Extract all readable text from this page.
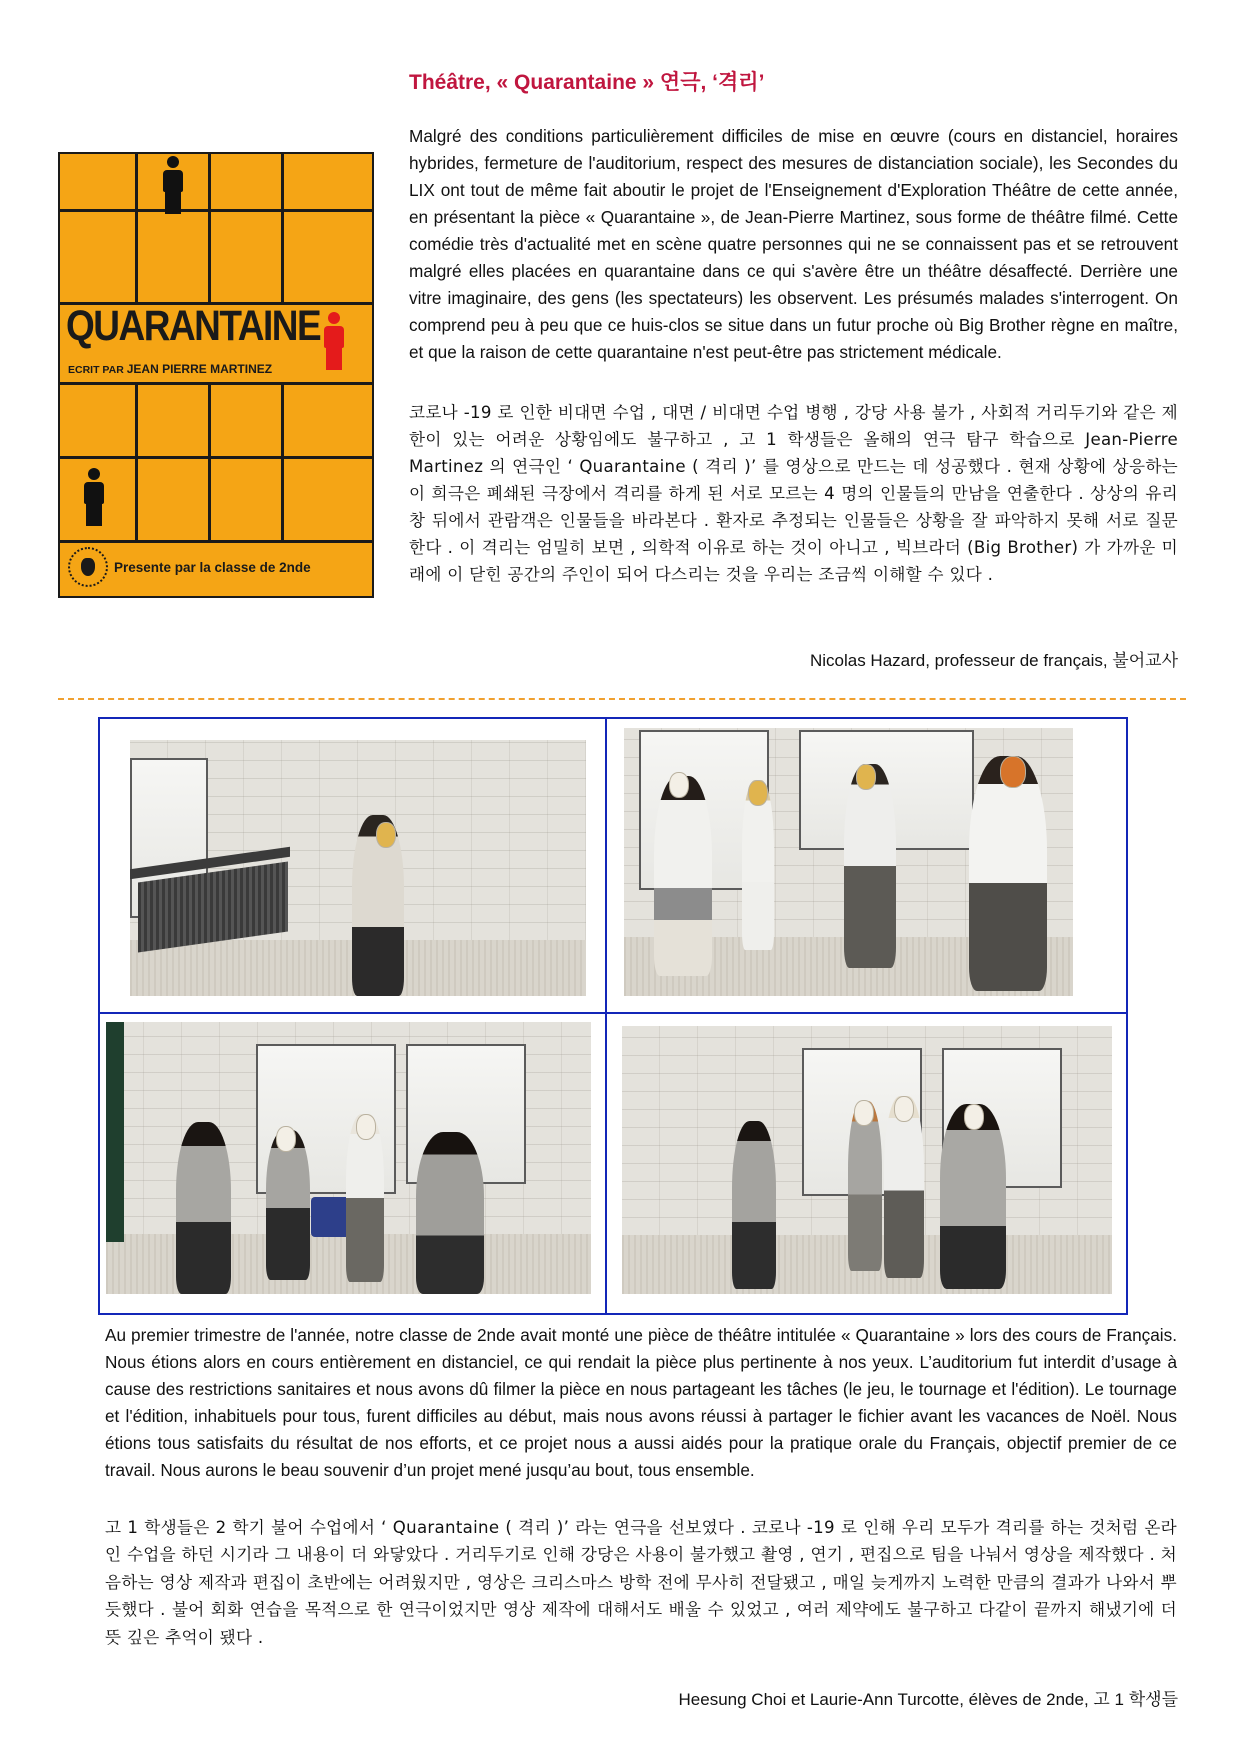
Théâtre, « Quarantaine » 연극, ‘격리’

Malgré des conditions particulièrement difficiles de mise en œuvre (cours en distanciel, horaires hybrides, fermeture de l'auditorium, respect des mesures de distanciation sociale), les Secondes du LIX ont tout de même fait aboutir le projet de l'Enseignement d'Exploration Théâtre de cette année, en présentant la pièce « Quarantaine », de Jean-Pierre Martinez, sous forme de théâtre filmé. Cette comédie très d'actualité met en scène quatre personnes qui ne se connaissent pas et se retrouvent malgré elles placées en quarantaine dans ce qui s'avère être un théâtre désaffecté. Derrière une vitre imaginaire, des gens (les spectateurs) les observent. Les présumés malades s'interrogent. On comprend peu à peu que ce huis-clos se situe dans un futur proche où Big Brother règne en maître, et que la raison de cette quarantaine n'est peut-être pas strictement médicale.

코로나 -19 로 인한 비대면 수업 , 대면 / 비대면 수업 병행 , 강당 사용 불가 , 사회적 거리두기와 같은 제한이 있는 어려운 상황임에도 불구하고 , 고 1 학생들은 올해의 연극 탐구 학습으로 Jean-Pierre Martinez 의 연극인 ‘ Quarantaine ( 격리 )’ 를 영상으로 만드는 데 성공했다 . 현재 상황에 상응하는 이 희극은 폐쇄된 극장에서 격리를 하게 된 서로 모르는 4 명의 인물들의 만남을 연출한다 . 상상의 유리창 뒤에서 관람객은 인물들을 바라본다 . 환자로 추정되는 인물들은 상황을 잘 파악하지 못해 서로 질문한다 . 이 격리는 엄밀히 보면 , 의학적 이유로 하는 것이 아니고 , 빅브라더 (Big Brother) 가 가까운 미래에 이 닫힌 공간의 주인이 되어 다스리는 것을 우리는 조금씩 이해할 수 있다 .

Nicolas Hazard, professeur de français, 불어교사
QUARANTAINE
ECRIT PAR JEAN PIERRE MARTINEZ
Presente par la classe de 2nde

Au premier trimestre de l'année, notre classe de 2nde avait monté une pièce de théâtre intitulée « Quarantaine » lors des cours de Français. Nous étions alors en cours entièrement en distanciel, ce qui rendait la pièce plus pertinente à nos yeux. L’auditorium fut interdit d’usage à cause des restrictions sanitaires et nous avons dû filmer la pièce en nous partageant les tâches (le jeu, le tournage et l'édition). Le tournage et l'édition, inhabituels pour tous, furent difficiles au début, mais nous avons réussi à partager le fichier avant les vacances de Noël. Nous étions tous satisfaits du résultat de nos efforts, et ce projet nous a aussi aidés pour la pratique orale du Français, objectif premier de ce travail. Nous aurons le beau souvenir d’un projet mené jusqu’au bout, tous ensemble.

고 1 학생들은 2 학기 불어 수업에서 ‘ Quarantaine ( 격리 )’ 라는 연극을 선보였다 . 코로나 -19 로 인해 우리 모두가 격리를 하는 것처럼 온라인 수업을 하던 시기라 그 내용이 더 와닿았다 . 거리두기로 인해 강당은 사용이 불가했고 촬영 , 연기 , 편집으로 팀을 나눠서 영상을 제작했다 . 처음하는 영상 제작과 편집이 초반에는 어려웠지만 , 영상은 크리스마스 방학 전에 무사히 전달됐고 , 매일 늦게까지 노력한 만큼의 결과가 나와서 뿌듯했다 . 불어 회화 연습을 목적으로 한 연극이었지만 영상 제작에 대해서도 배울 수 있었고 , 여러 제약에도 불구하고 다같이 끝까지 해냈기에 더 뜻 깊은 추억이 됐다 .

Heesung Choi et Laurie-Ann Turcotte, élèves de 2nde, 고 1 학생들
